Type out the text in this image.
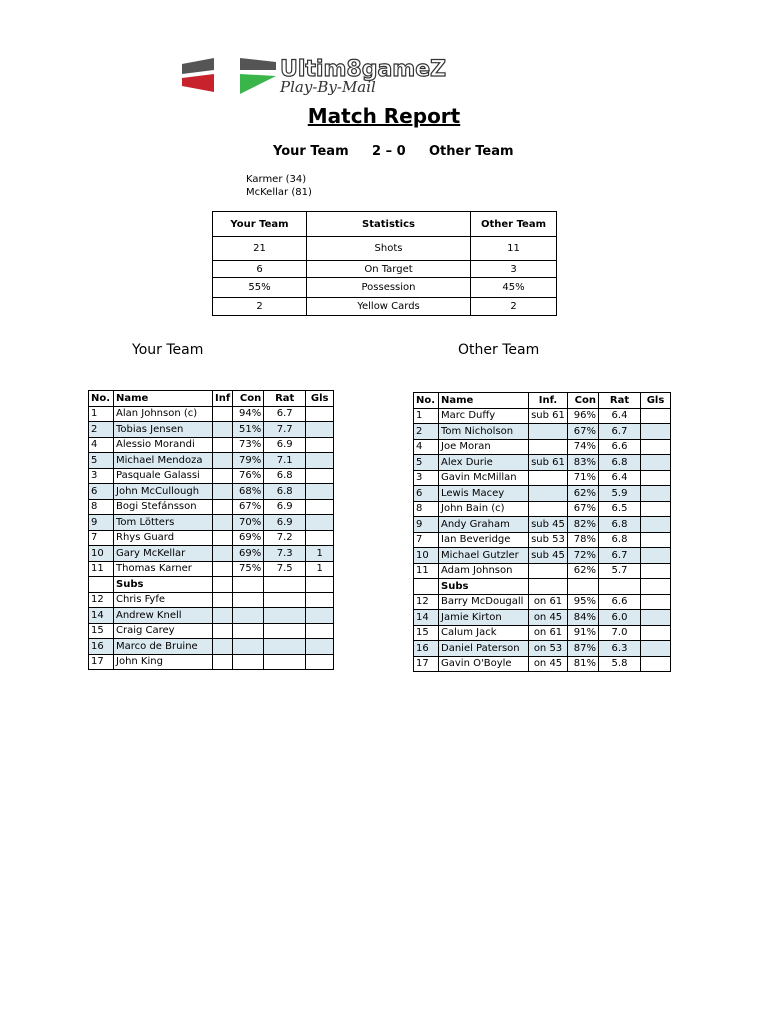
Ultim8gameZ
Play-By-Mail
Match Report
Your Team 2 – 0 Other Team
Karmer (34)
McKellar (81)
Your Team	Statistics	Other Team
21	Shots	11
6	On Target	3
55%	Possession	45%
2	Yellow Cards	2
Your Team	Other Team
No.	Name	Inf	Con	Rat	Gls
1	Alan Johnson (c)		94%	6.7	
2	Tobias Jensen		51%	7.7	
4	Alessio Morandi		73%	6.9	
5	Michael Mendoza		79%	7.1	
3	Pasquale Galassi		76%	6.8	
6	John McCullough		68%	6.8	
8	Bogi Stefánsson		67%	6.9	
9	Tom Lötters		70%	6.9	
7	Rhys Guard		69%	7.2	
10	Gary McKellar		69%	7.3	1
11	Thomas Karner		75%	7.5	1
	Subs				
12	Chris Fyfe				
14	Andrew Knell				
15	Craig Carey				
16	Marco de Bruine				
17	John King				
No.	Name	Inf.	Con	Rat	Gls
1	Marc Duffy	sub 61	96%	6.4	
2	Tom Nicholson		67%	6.7	
4	Joe Moran		74%	6.6	
5	Alex Durie	sub 61	83%	6.8	
3	Gavin McMillan		71%	6.4	
6	Lewis Macey		62%	5.9	
8	John Bain (c)		67%	6.5	
9	Andy Graham	sub 45	82%	6.8	
7	Ian Beveridge	sub 53	78%	6.8	
10	Michael Gutzler	sub 45	72%	6.7	
11	Adam Johnson		62%	5.7	
	Subs				
12	Barry McDougall	on 61	95%	6.6	
14	Jamie Kirton	on 45	84%	6.0	
15	Calum Jack	on 61	91%	7.0	
16	Daniel Paterson	on 53	87%	6.3	
17	Gavin O'Boyle	on 45	81%	5.8	
